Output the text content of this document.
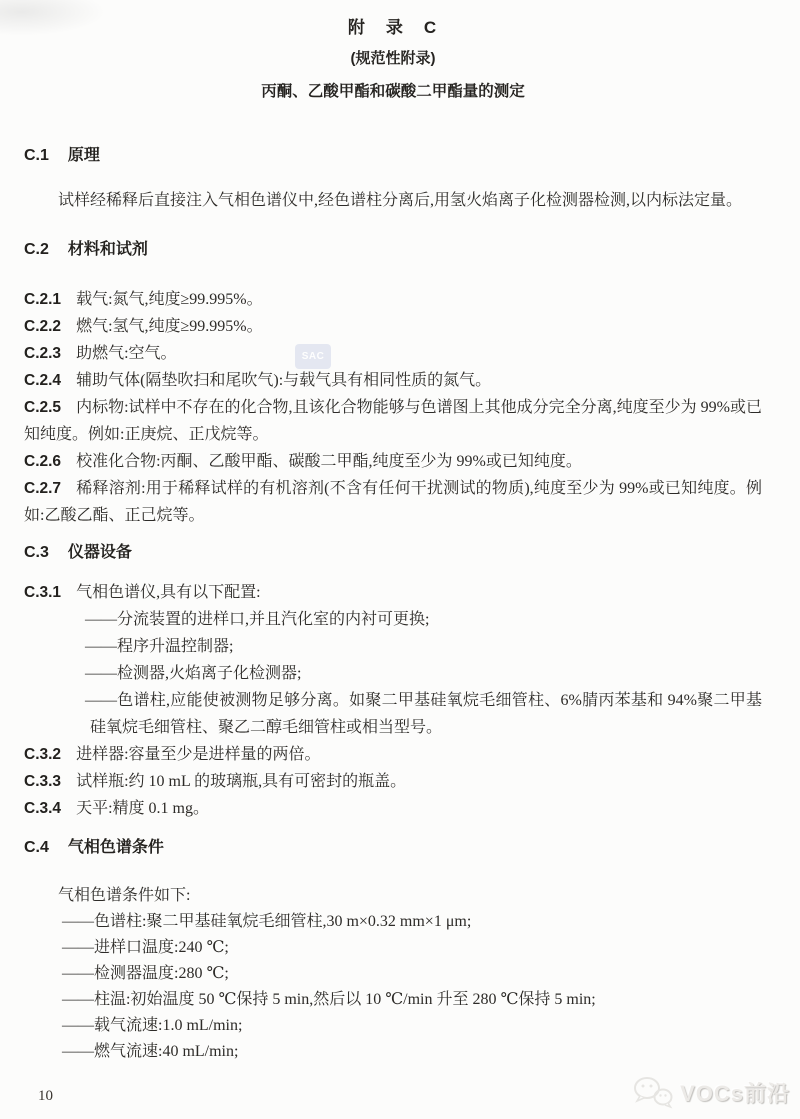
附　录　C
(规范性附录)
丙酮、乙酸甲酯和碳酸二甲酯量的测定
C.1 原理

试样经稀释后直接注入气相色谱仪中,经色谱柱分离后,用氢火焰离子化检测器检测,以内标法定量。

C.2 材料和试剂

C.2.1 载气:氮气,纯度≥99.995%。

C.2.2 燃气:氢气,纯度≥99.995%。

C.2.3 助燃气:空气。

C.2.4 辅助气体(隔垫吹扫和尾吹气):与载气具有相同性质的氮气。

C.2.5 内标物:试样中不存在的化合物,且该化合物能够与色谱图上其他成分完全分离,纯度至少为 99%或已知纯度。例如:正庚烷、正戊烷等。

C.2.6 校准化合物:丙酮、乙酸甲酯、碳酸二甲酯,纯度至少为 99%或已知纯度。

C.2.7 稀释溶剂:用于稀释试样的有机溶剂(不含有任何干扰测试的物质),纯度至少为 99%或已知纯度。例如:乙酸乙酯、正己烷等。

C.3 仪器设备

C.3.1 气相色谱仪,具有以下配置:

——分流装置的进样口,并且汽化室的内衬可更换;

——程序升温控制器;

——检测器,火焰离子化检测器;

——色谱柱,应能使被测物足够分离。如聚二甲基硅氧烷毛细管柱、6%腈丙苯基和 94%聚二甲基硅氧烷毛细管柱、聚乙二醇毛细管柱或相当型号。

C.3.2 进样器:容量至少是进样量的两倍。

C.3.3 试样瓶:约 10 mL 的玻璃瓶,具有可密封的瓶盖。

C.3.4 天平:精度 0.1 mg。

C.4 气相色谱条件

气相色谱条件如下:

——色谱柱:聚二甲基硅氧烷毛细管柱,30 m×0.32 mm×1 μm;

——进样口温度:240 ℃;

——检测器温度:280 ℃;

——柱温:初始温度 50 ℃保持 5 min,然后以 10 ℃/min 升至 280 ℃保持 5 min;

——载气流速:1.0 mL/min;

——燃气流速:40 mL/min;

SAC
10	VOCs前沿
